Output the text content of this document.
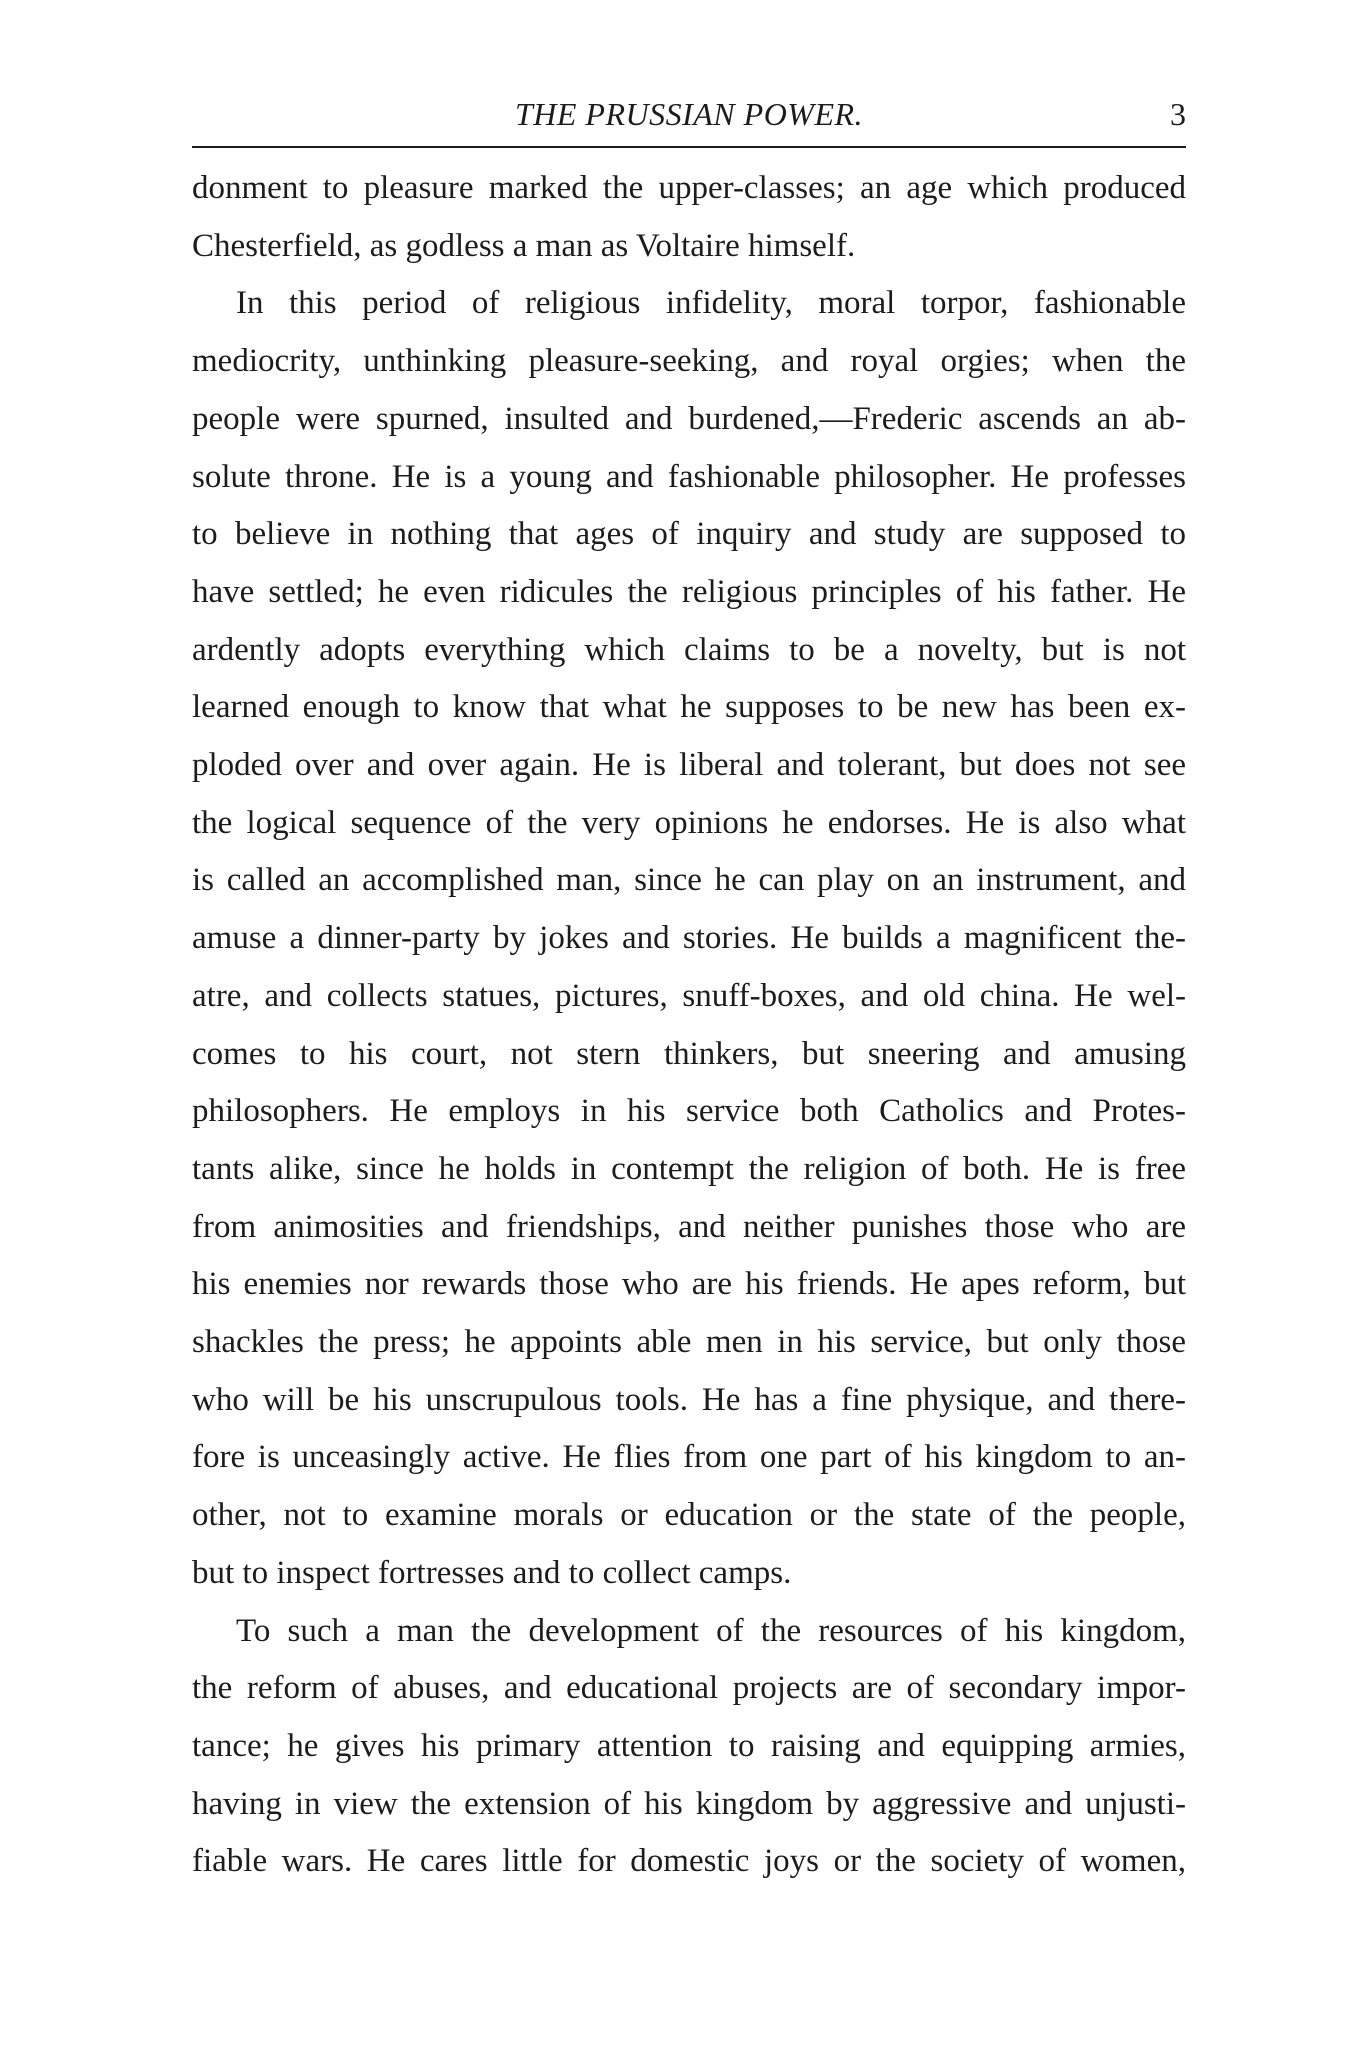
THE PRUSSIAN POWER.	3
donment to pleasure marked the upper-classes; an age which produced
Chesterfield, as godless a man as Voltaire himself.
In this period of religious infidelity, moral torpor, fashionable
mediocrity, unthinking pleasure-seeking, and royal orgies; when the
people were spurned, insulted and burdened,—Frederic ascends an ab-
solute throne. He is a young and fashionable philosopher. He professes
to believe in nothing that ages of inquiry and study are supposed to
have settled; he even ridicules the religious principles of his father. He
ardently adopts everything which claims to be a novelty, but is not
learned enough to know that what he supposes to be new has been ex-
ploded over and over again. He is liberal and tolerant, but does not see
the logical sequence of the very opinions he endorses. He is also what
is called an accomplished man, since he can play on an instrument, and
amuse a dinner-party by jokes and stories. He builds a magnificent the-
atre, and collects statues, pictures, snuff-boxes, and old china. He wel-
comes to his court, not stern thinkers, but sneering and amusing
philosophers. He employs in his service both Catholics and Protes-
tants alike, since he holds in contempt the religion of both. He is free
from animosities and friendships, and neither punishes those who are
his enemies nor rewards those who are his friends. He apes reform, but
shackles the press; he appoints able men in his service, but only those
who will be his unscrupulous tools. He has a fine physique, and there-
fore is unceasingly active. He flies from one part of his kingdom to an-
other, not to examine morals or education or the state of the people,
but to inspect fortresses and to collect camps.
To such a man the development of the resources of his kingdom,
the reform of abuses, and educational projects are of secondary impor-
tance; he gives his primary attention to raising and equipping armies,
having in view the extension of his kingdom by aggressive and unjusti-
fiable wars. He cares little for domestic joys or the society of women,
